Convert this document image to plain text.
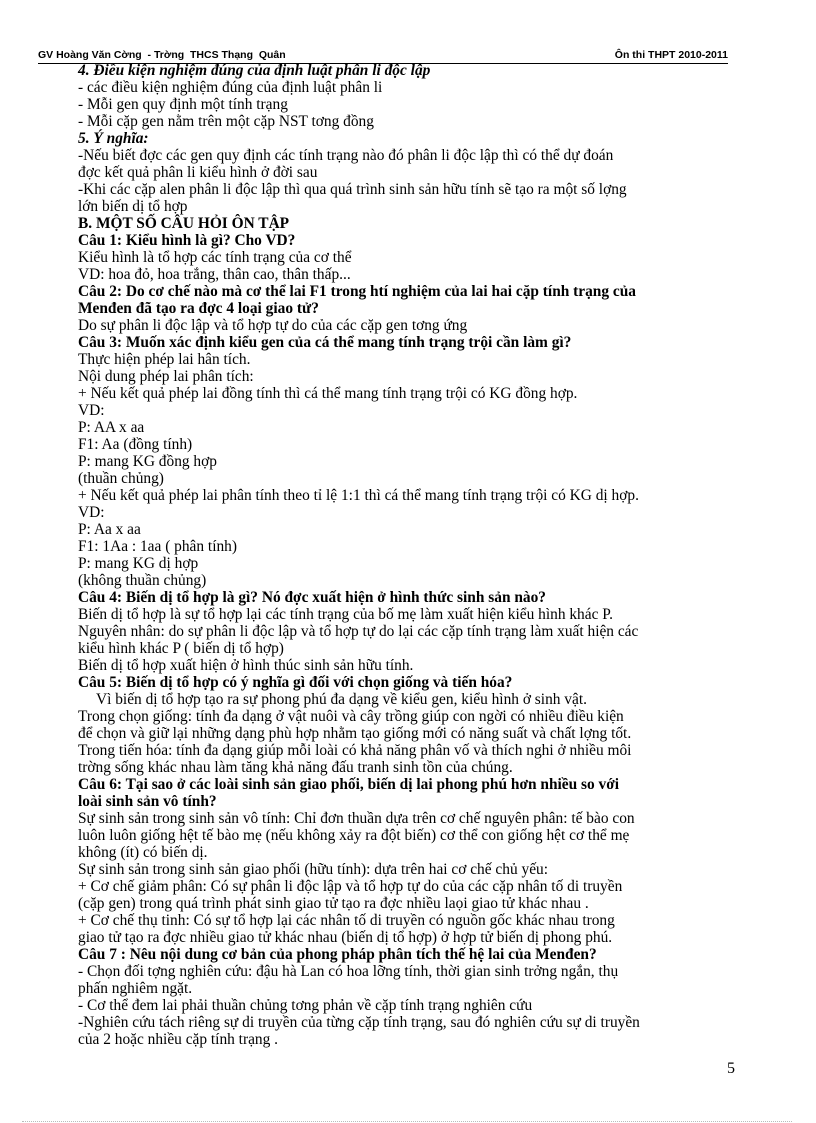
GV Hoàng Văn Cờng  - Trờng  THCS Thạng  Quân	Ôn thi THPT 2010-2011
4. Điều kiện nghiệm đúng của định luật phân li độc lập
- các điều kiện nghiệm đúng của định luật phân li
- Mỗi gen quy định một tính trạng
- Mỗi cặp gen nằm trên một cặp NST tơng đồng
5. Ý nghĩa:
-Nếu biết đợc các gen quy định các tính trạng nào đó phân li độc lập thì có thể dự đoán
đợc kết quả phân li kiểu hình ở đời sau
-Khi các cặp alen phân li độc lập thì qua quá trình sinh sản hữu tính sẽ tạo ra một số lợng
lớn biến dị tổ hợp
B. MỘT SỐ CÂU HỎI ÔN TẬP
Câu 1: Kiểu hình là gì? Cho VD?
Kiểu hình là tổ hợp các tính trạng của cơ thể
VD: hoa đỏ, hoa trắng, thân cao, thân thấp...
Câu 2: Do cơ chế nào mà cơ thể lai F1 trong htí nghiệm của lai hai cặp tính trạng của
Menđen đã tạo ra đợc 4 loại giao tử?
Do sự phân li độc lập và tổ hợp tự do của các cặp gen tơng ứng
Câu 3: Muốn xác định kiểu gen của cá thể mang tính trạng trội cần làm gì?
Thực hiện phép lai hân tích.
Nội dung phép lai phân tích:
+ Nếu kết quả phép lai đồng tính thì cá thể mang tính trạng trội có KG đồng hợp.
VD:
P: AA x aa
F1: Aa (đồng tính)
P: mang KG đồng hợp
(thuần chủng)
+ Nếu kết quả phép lai phân tính theo tỉ lệ 1:1 thì cá thể mang tính trạng trội có KG dị hợp.
VD:
P: Aa x aa
F1: 1Aa : 1aa ( phân tính)
P: mang KG dị hợp
(không thuần chủng)
Câu 4: Biến dị tổ hợp là gì? Nó đợc xuất hiện ở hình thức sinh sản nào?
Biến dị tổ hợp là sự tổ hợp lại các tính trạng của bố mẹ làm xuất hiện kiểu hình khác P.
Nguyên nhân: do sự phân li độc lập và tổ hợp tự do lại các cặp tính trạng làm xuất hiện các
kiểu hình khác P ( biến dị tổ hợp)
Biến dị tổ hợp xuất hiện ở hình thúc sinh sản hữu tính.
Câu 5: Biến dị tổ hợp có ý nghĩa gì đối với chọn giống và tiến hóa?
Vì biến dị tổ hợp tạo ra sự phong phú đa dạng về kiểu gen, kiểu hình ở sinh vật.
Trong chọn giống: tính đa dạng ở vật nuôi và cây trồng giúp con ngời có nhiều điều kiện
để chọn và giữ lại những dạng phù hợp nhằm tạo giống mới có năng suất và chất lợng tốt.
Trong tiến hóa: tính đa dạng giúp mỗi loài có khả năng phân vố và thích nghi ở nhiều môi
trờng sống khác nhau làm tăng khả năng đấu tranh sinh tồn của chúng.
Câu 6: Tại sao ở các loài sinh sản giao phối, biến dị lai phong phú hơn nhiều so với
loài sinh sản vô tính?
Sự sinh sản trong sinh sản vô tính: Chỉ đơn thuần dựa trên cơ chế nguyên phân: tế bào con
luôn luôn giống hệt tế bào mẹ (nếu không xảy ra đột biến) cơ thể con giống hệt cơ thể mẹ
không (ít) có biến dị.
Sự sinh sản trong sinh sản giao phối (hữu tính): dựa trên hai cơ chế chủ yếu:
+ Cơ chế giảm phân: Có sự phân li độc lập và tổ hợp tự do của các cặp nhân tố di truyền
(cặp gen) trong quá trình phát sinh giao tử tạo ra đợc nhiều laọi giao tử khác nhau .
+ Cơ chế thụ tinh: Có sự tổ hợp lại các nhân tố di truyền có nguồn gốc khác nhau trong
giao tử tạo ra đợc nhiều giao tử khác nhau (biến dị tổ hợp) ở hợp tử biến dị phong phú.
Câu 7 : Nêu nội dung cơ bản của phong pháp phân tích thế hệ lai của Menđen?
- Chọn đối tợng nghiên cứu: đậu hà Lan có hoa lỡng tính, thời gian sinh trởng ngắn, thụ
phấn nghiêm ngặt.
- Cơ thể đem lai phải thuần chủng tơng phản về cặp tính trạng nghiên cứu
-Nghiên cứu tách riêng sự di truyền của từng cặp tính trạng, sau đó nghiên cứu sự di truyền
của 2 hoặc nhiều cặp tính trạng .
5
